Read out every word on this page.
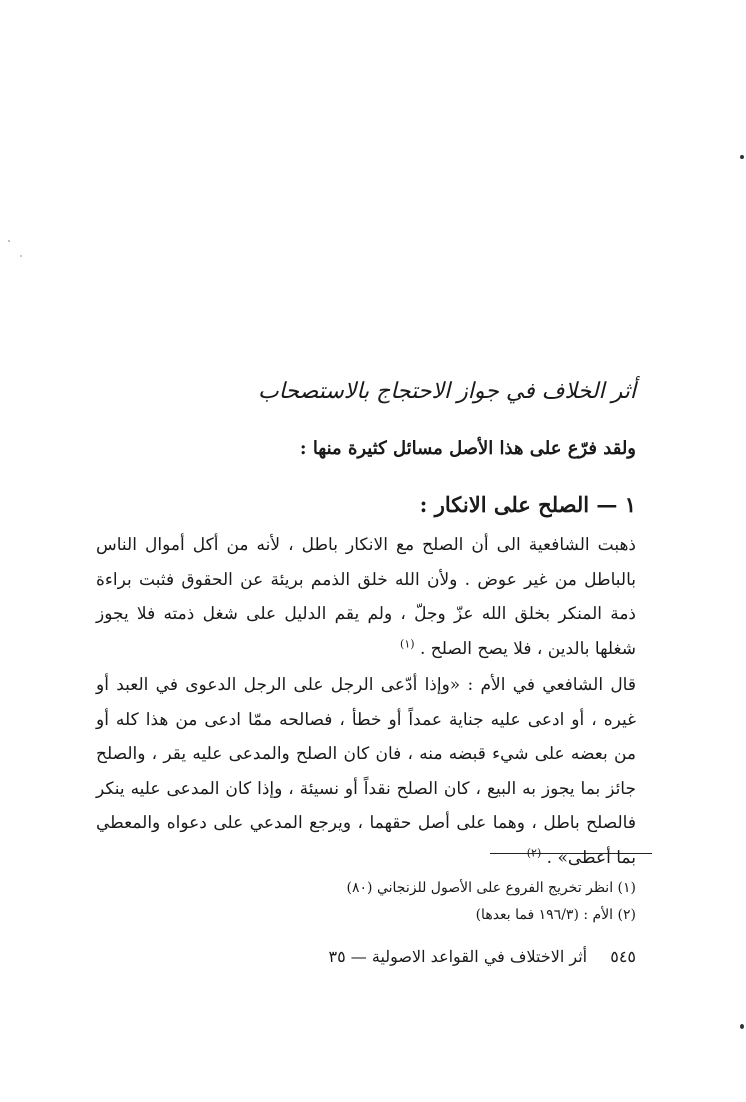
أثر الخلاف في جواز الاحتجاج بالاستصحاب
ولقد فرّع على هذا الأصل مسائل كثيرة منها :
١ — الصلح على الانكار :
ذهبت الشافعية الى أن الصلح مع الانكار باطل ، لأنه من أكل أموال الناس بالباطل من غير عوض . ولأن الله خلق الذمم بريئة عن الحقوق فثبت براءة ذمة المنكر بخلق الله عزّ وجلّ ، ولم يقم الدليل على شغل ذمته فلا يجوز شغلها بالدين ، فلا يصح الصلح . $^{(١)}$
قال الشافعي في الأم : «وإذا أدّعى الرجل على الرجل الدعوى في العبد أو غيره ، أو ادعى عليه جناية عمداً أو خطأ ، فصالحه ممّا ادعى من هذا كله أو من بعضه على شيء قبضه منه ، فان كان الصلح والمدعى عليه يقر ، والصلح جائز بما يجوز به البيع ، كان الصلح نقداً أو نسيئة ، وإذا كان المدعى عليه ينكر فالصلح باطل ، وهما على أصل حقهما ، ويرجع المدعي على دعواه والمعطي بما أعطى» . $^{(٢)}$
(١) انظر تخريج الفروع على الأصول للزنجاني (٨٠)
(٢) الأم : (١٩٦/٣ فما بعدها)
٥٤٥ أثر الاختلاف في القواعد الاصولية — ٣٥
